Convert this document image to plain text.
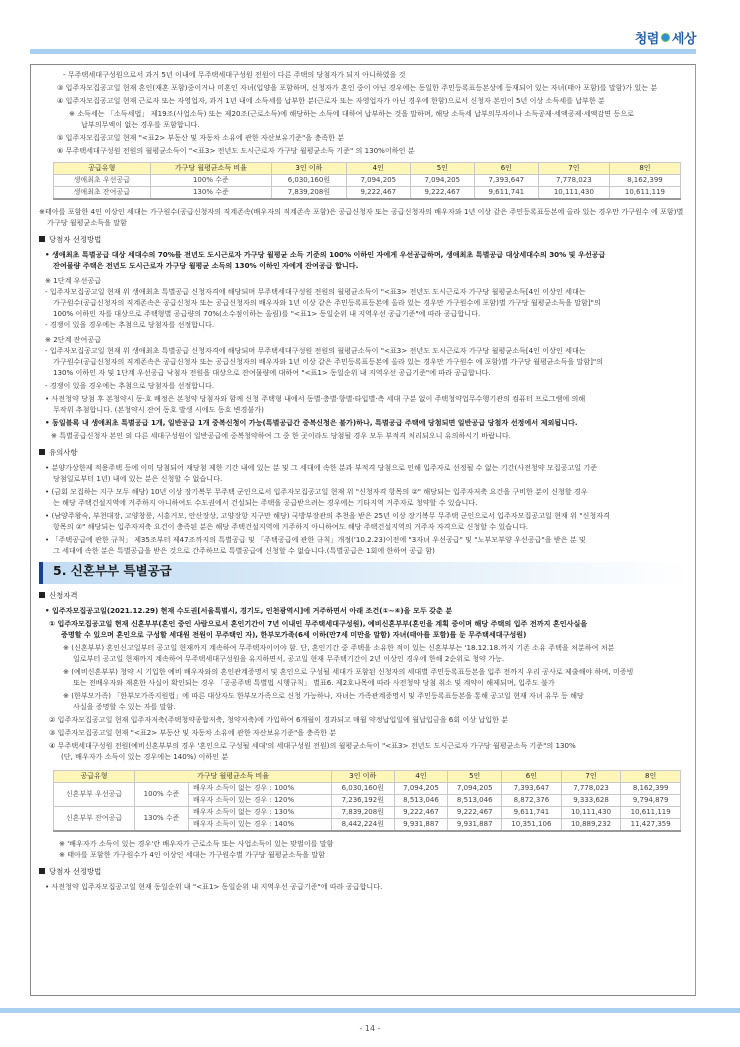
청렴 세상
- 무주택세대구성원으로서 과거 5년 이내에 무주택세대구성원 전원이 다른 주택의 당첨자가 되지 아니하였을 것
③ 입주자모집공고일 현재 혼인(재혼 포함)중이거나 미혼인 자녀(입양을 포함하며, 신청자가 혼인 중이 아닌 경우에는 동일한 주민등록표등본상에 등재되어 있는 자녀(태아 포함)를 말함)가 있는 분
④ 입주자모집공고일 현재 근로자 또는 자영업자, 과거 1년 내에 소득세를 납부한 분(근로자 또는 자영업자가 아닌 경우에 한함)으로서 신청자 본인이 5년 이상 소득세를 납부한 분
※ 소득세는 「소득세법」 제19조(사업소득) 또는 제20조(근로소득)에 해당하는 소득에 대하여 납부하는 것을 말하며, 해당 소득세 납부의무자이나 소득공제·세액공제·세액감면 등으로
납부의무액이 없는 경우를 포함합니다.
⑤ 입주자모집공고일 현재 "<표2> 부동산 및 자동차 소유에 관한 자산보유기준"을 충족한 분
⑥ 무주택세대구성원 전원의 월평균소득이 "<표3> 전년도 도시근로자 가구당 월평균소득 기준" 의 130%이하인 분
공급유형	가구당 월평균소득 비율	3인 이하	4인	5인	6인	7인	8인
생애최초 우선공급	100% 수준	6,030,160원	7,094,205	7,094,205	7,393,647	7,778,023	8,162,399
생애최초 잔여공급	130% 수준	7,839,208원	9,222,467	9,222,467	9,611,741	10,111,430	10,611,119
※태아를 포함한 4인 이상인 세대는 가구원수(공급신청자의 직계존속(배우자의 직계존속 포함)은 공급신청자 또는 공급신청자의 배우자와 1년 이상 같은 주민등록표등본에 올라 있는 경우만 가구원수 에 포함)별
가구당 월평균소득을 말함
당첨자 선정방법
• 생애최초 특별공급 대상 세대수의 70%를 전년도 도시근로자 가구당 월평균 소득 기준의 100% 이하인 자에게 우선공급하며, 생애최초 특별공급 대상세대수의 30% 및 우선공급
잔여물량 주택은 전년도 도시근로자 가구당 월평균 소득의 130% 이하인 자에게 잔여공급 합니다.
※ 1단계 우선공급
- 입주자모집공고일 현재 위 생애최초 특별공급 신청자격에 해당되며 무주택세대구성원 전원의 월평균소득이 "<표3> 전년도 도시근로자 가구당 월평균소득[4인 이상인 세대는
가구원수(공급신청자의 직계존속은 공급신청자 또는 공급신청자의 배우자와 1년 이상 같은 주민등록표등본에 올라 있는 경우만 가구원수에 포함)별 가구당 월평균소득을 말함]"의
100% 이하인 자를 대상으로 주택형별 공급량의 70%(소수점이하는 올림)를 "<표1> 동일순위 내 지역우선 공급기준"에 따라 공급합니다.
- 경쟁이 있을 경우에는 추첨으로 당첨자를 선정합니다.
※ 2단계 잔여공급
- 입주자모집공고일 현재 위 생애최초 특별공급 신청자격에 해당되며 무주택세대구성원 전원의 월평균소득이 "<표3> 전년도 도시근로자 가구당 월평균소득[4인 이상인 세대는
가구원수(공급신청자의 직계존속은 공급신청자 또는 공급신청자의 배우자와 1년 이상 같은 주민등록표등본에 올라 있는 경우만 가구원수 에 포함)별 가구당 월평균소득을 말함]"의
130% 이하인 자 및 1단계 우선공급 낙첨자 전원을 대상으로 잔여물량에 대하여 "<표1> 동일순위 내 지역우선 공급기준"에 따라 공급합니다.
- 경쟁이 있을 경우에는 추첨으로 당첨자를 선정합니다.
• 사전청약 당첨 후 본청약시 동·호 배정은 본청약 당첨자와 함께 신청 주택형 내에서 동별·층별·향별·타입별·측 세대 구분 없이 주택청약업무수행기관의 컴퓨터 프로그램에 의해
무작위 추첨합니다. (본청약시 잔여 동호 발생 시에도 동호 변경불가)
• 동일블록 내 생애최초 특별공급 1개, 일반공급 1개 중복신청이 가능(특별공급간 중복신청은 불가)하나, 특별공급 주택에 당첨되면 일반공급 당첨자 선정에서 제외됩니다.
※ 특별공급신청자 본인 외 다른 세대구성원이 일반공급에 중복청약하여 그 중 한 곳이라도 당첨될 경우 모두 부적격 처리되오니 유의하시기 바랍니다.
유의사항
• 분양가상한제 적용주택 등에 이미 당첨되어 재당첨 제한 기간 내에 있는 분 및 그 세대에 속한 분과 부적격 당첨으로 인해 입주자로 선정될 수 없는 기간(사전청약 모집공고일 기준
당첨일로부터 1년) 내에 있는 분은 신청할 수 없습니다.
• (금회 모집하는 지구 모두 해당) 10년 이상 장기복무 무주택 군인으로서 입주자모집공고일 현재 위 "신청자격 항목의 ②" 해당되는 입주자저축 요건을 구비한 분이 신청할 경우
는 해당 주택건설지역에 거주하지 아니하여도 수도권에서 건설되는 주택을 공급받으려는 경우에는 기타지역 거주자로 청약할 수 있습니다.
• (남양주왕숙, 부천대장, 고양창릉, 시흥거모, 안산장상, 고양장항 지구만 해당) 국방부장관의 추천을 받은 25년 이상 장기복무 무주택 군인으로서 입주자모집공고일 현재 위 "신청자격
항목의 ②" 해당되는 입주자저축 요건이 충족된 분은 해당 주택건설지역에 거주하지 아니하여도 해당 주택건설지역의 거주자 자격으로 신청할 수 있습니다.
• 「주택공급에 관한 규칙」 제35조부터 제47조까지의 특별공급 및 「주택공급에 관한 규칙」개정('10.2.23)이전에 "3자녀 우선공급" 및 "노부모부양 우선공급"을 받은 분 및
그 세대에 속한 분은 특별공급을 받은 것으로 간주하므로 특별공급에 신청할 수 없습니다.(특별공급은 1회에 한하여 공급 함)
5. 신혼부부 특별공급
신청자격
• 입주자모집공고일(2021.12.29) 현재 수도권[서울특별시, 경기도, 인천광역시]에 거주하면서 아래 조건(①~④)을 모두 갖춘 분
① 입주자모집공고일 현재 신혼부부(혼인 중인 사람으로서 혼인기간이 7년 이내인 무주택세대구성원), 예비신혼부부(혼인을 계획 중이며 해당 주택의 입주 전까지 혼인사실을
증명할 수 있으며 혼인으로 구성할 세대원 전원이 무주택인 자), 한부모가족(6세 이하(만7세 미만을 말함) 자녀(태아를 포함)를 둔 무주택세대구성원)
※ (신혼부부) 혼인신고일부터 공고일 현재까지 계속하여 무주택자이어야 함. 단, 혼인기간 중 주택을 소유한 적이 있는 신혼부부는 '18.12.18.까지 기존 소유 주택을 처분하여 처분
일로부터 공고일 현재까지 계속하여 무주택세대구성원을 유지하면서, 공고일 현재 무주택기간이 2년 이상인 경우에 한해 2순위로 청약 가능.
※ (예비신혼부부) 청약 시 기입한 예비 배우자와의 혼인관계증명서 및 혼인으로 구성될 세대가 포함된 신청자의 세대별 주민등록표등본을 입주 전까지 우리 공사로 제출해야 하며, 미증빙
또는 전배우자와 재혼한 사실이 확인되는 경우 「공공주택 특별법 시행규칙」 별표6. 제2호나목에 따라 사전청약 당첨 취소 및 계약이 해제되며, 입주도 불가
※ (한부모가족) 「한부모가족지원법」에 따른 대상자도 한부모가족으로 신청 가능하나, 자녀는 가족관계증명서 및 주민등록표등본을 통해 공고일 현재 자녀 유무 등 해당
사실을 증명할 수 있는 자를 말함.
② 입주자모집공고일 현재 입주자저축(주택청약종합저축, 청약저축)에 가입하여 6개월이 경과되고 매월 약정납입일에 월납입금을 6회 이상 납입한 분
③ 입주자모집공고일 현재 "<표2> 부동산 및 자동차 소유에 관한 자산보유기준"을 충족한 분
④ 무주택세대구성원 전원(예비신혼부부의 경우 '혼인으로 구성될 세대'의 세대구성원 전원)의 월평균소득이 "<표3> 전년도 도시근로자 가구당 월평균소득 기준"의 130%
(단, 배우자가 소득이 있는 경우에는 140%) 이하인 분
공급유형	가구당 월평균소득 비율		3인 이하	4인	5인	6인	7인	8인
신혼부부 우선공급	100% 수준	배우자 소득이 없는 경우 : 100%	6,030,160원	7,094,205	7,094,205	7,393,647	7,778,023	8,162,399
		배우자 소득이 있는 경우 : 120%	7,236,192원	8,513,046	8,513,046	8,872,376	9,333,628	9,794,879
신혼부부 잔여공급	130% 수준	배우자 소득이 없는 경우 : 130%	7,839,208원	9,222,467	9,222,467	9,611,741	10,111,430	10,611,119
		배우자 소득이 있는 경우 : 140%	8,442,224원	9,931,887	9,931,887	10,351,106	10,889,232	11,427,359
※ '배우자가 소득이 있는 경우'란 배우자가 근로소득 또는 사업소득이 있는 맞벌이를 말함
※ 태아를 포함한 가구원수가 4인 이상인 세대는 가구원수별 가구당 월평균소득을 말함
당첨자 선정방법
• 사전청약 입주자모집공고일 현재 동일순위 내 "<표1> 동일순위 내 지역우선 공급기준"에 따라 공급합니다.
- 14 -
